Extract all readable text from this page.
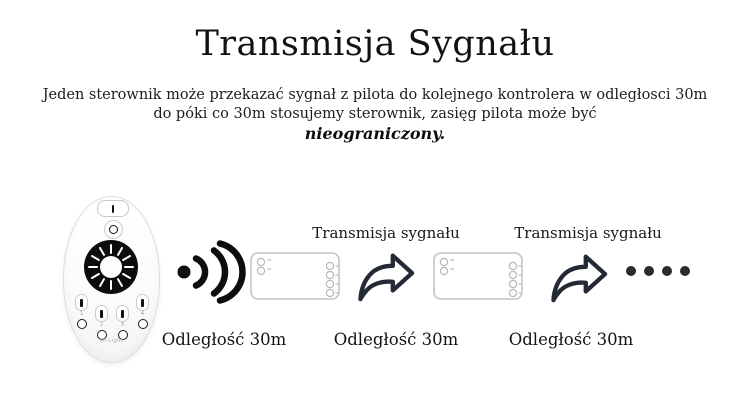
Transmisja Sygnału
Jeden sterownik może przekazać sygnał z pilota do kolejnego kontrolera w odległosci 30m
do póki co 30m stosujemy sterownik, zasięg pilota może być
nieograniczony.
1
2	3
4
Mi·Light
Transmisja sygnału	Transmisja sygnału
Odległość 30m	Odległość 30m	Odległość 30m
